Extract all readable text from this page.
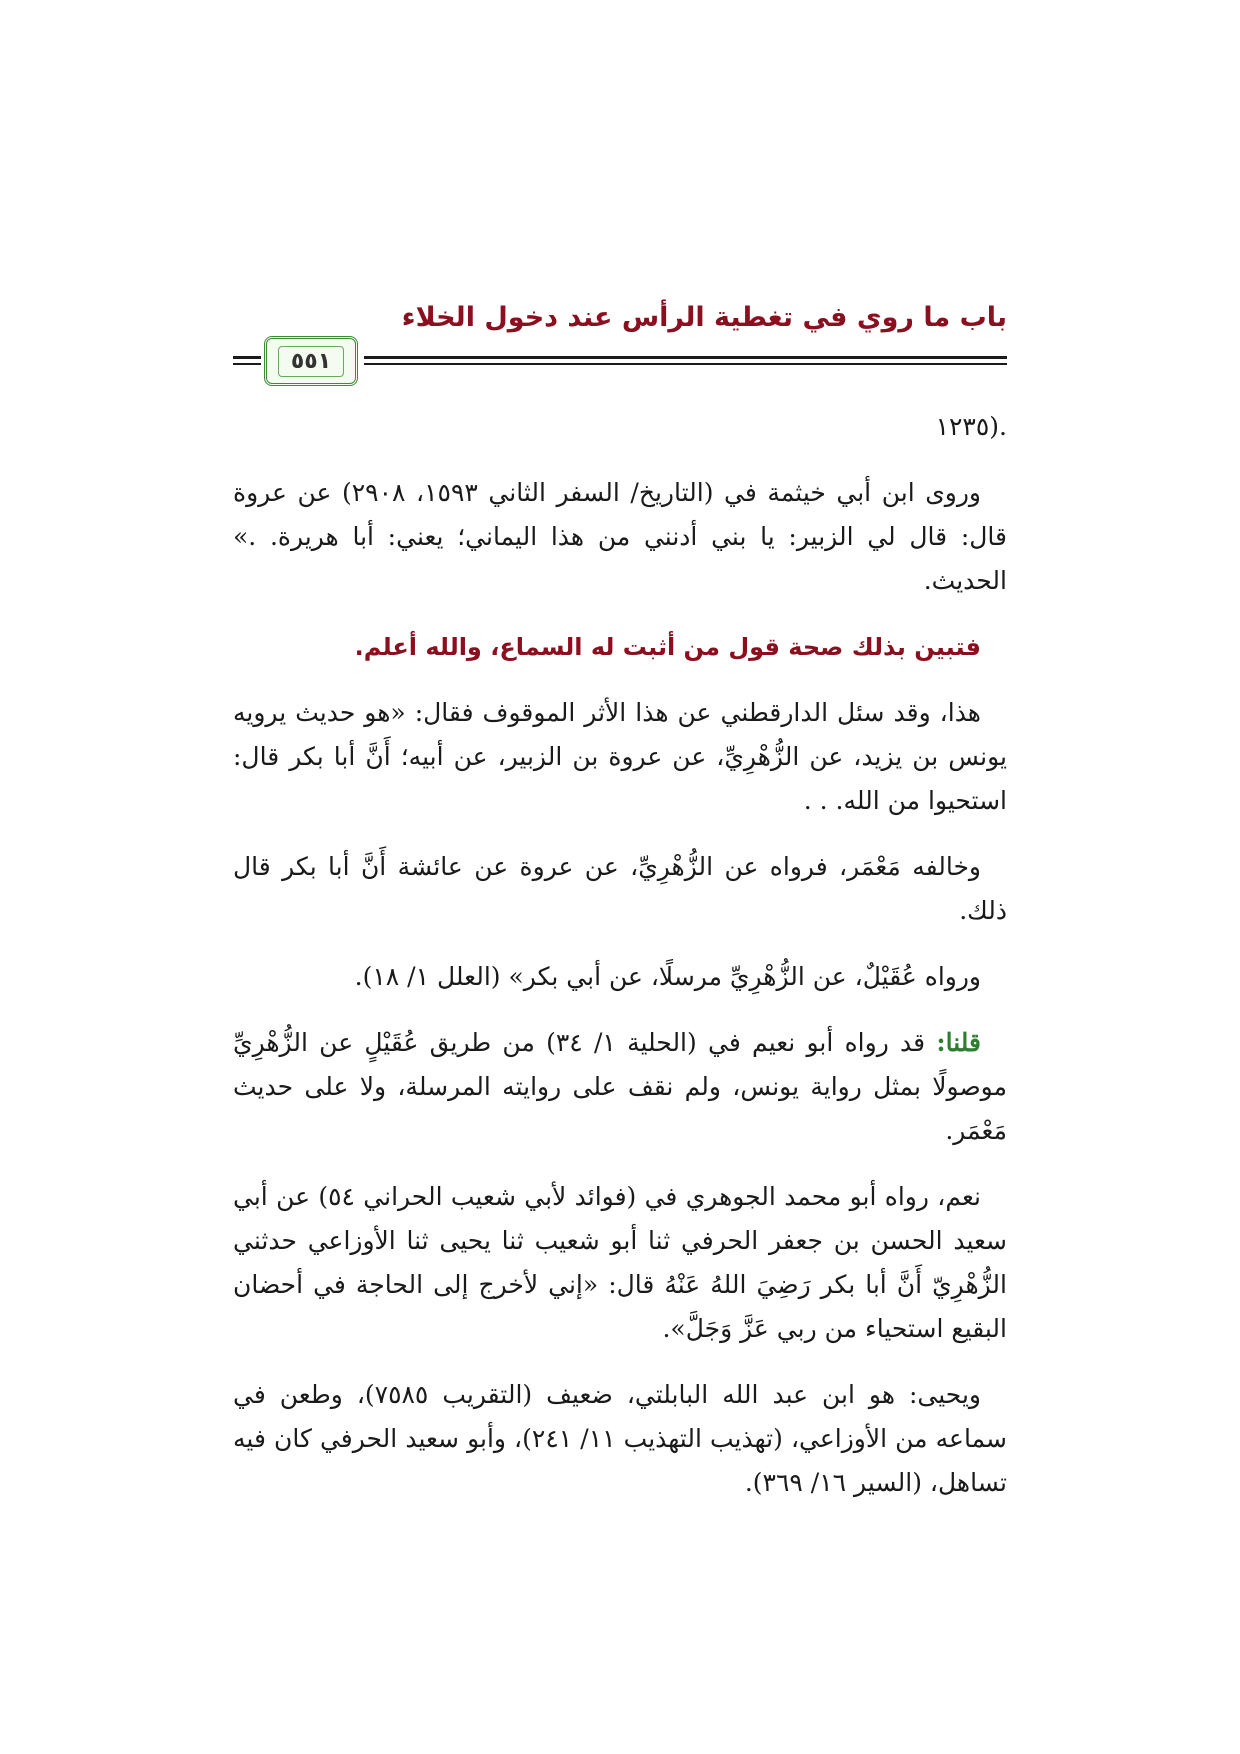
باب ما روي في تغطية الرأس عند دخول الخلاء
٥٥١

.(١٢٣٥

وروى ابن أبي خيثمة في (التاريخ/ السفر الثاني ١٥٩٣، ٢٩٠٨) عن عروة قال: قال لي الزبير: يا بني أدنني من هذا اليماني؛ يعني: أبا هريرة. .» الحديث.

فتبين بذلك صحة قول من أثبت له السماع، والله أعلم.

هذا، وقد سئل الدارقطني عن هذا الأثر الموقوف فقال: «هو حديث يرويه يونس بن يزيد، عن الزُّهْرِيِّ، عن عروة بن الزبير، عن أبيه؛ أَنَّ أبا بكر قال: استحيوا من الله. . .

وخالفه مَعْمَر، فرواه عن الزُّهْرِيِّ، عن عروة عن عائشة أَنَّ أبا بكر قال ذلك.

ورواه عُقَيْلٌ، عن الزُّهْرِيِّ مرسلًا، عن أبي بكر» (العلل ١/ ١٨).

قلنا: قد رواه أبو نعيم في (الحلية ١/ ٣٤) من طريق عُقَيْلٍ عن الزُّهْرِيِّ موصولًا بمثل رواية يونس، ولم نقف على روايته المرسلة، ولا على حديث مَعْمَر.

نعم، رواه أبو محمد الجوهري في (فوائد لأبي شعيب الحراني ٥٤) عن أبي سعيد الحسن بن جعفر الحرفي ثنا أبو شعيب ثنا يحيى ثنا الأوزاعي حدثني الزُّهْرِيّ أَنَّ أبا بكر رَضِيَ اللهُ عَنْهُ قال: «إني لأخرج إلى الحاجة في أحضان البقيع استحياء من ربي عَزَّ وَجَلَّ».

ويحيى: هو ابن عبد الله البابلتي، ضعيف (التقريب ٧٥٨٥)، وطعن في سماعه من الأوزاعي، (تهذيب التهذيب ١١/ ٢٤١)، وأبو سعيد الحرفي كان فيه تساهل، (السير ١٦/ ٣٦٩).
